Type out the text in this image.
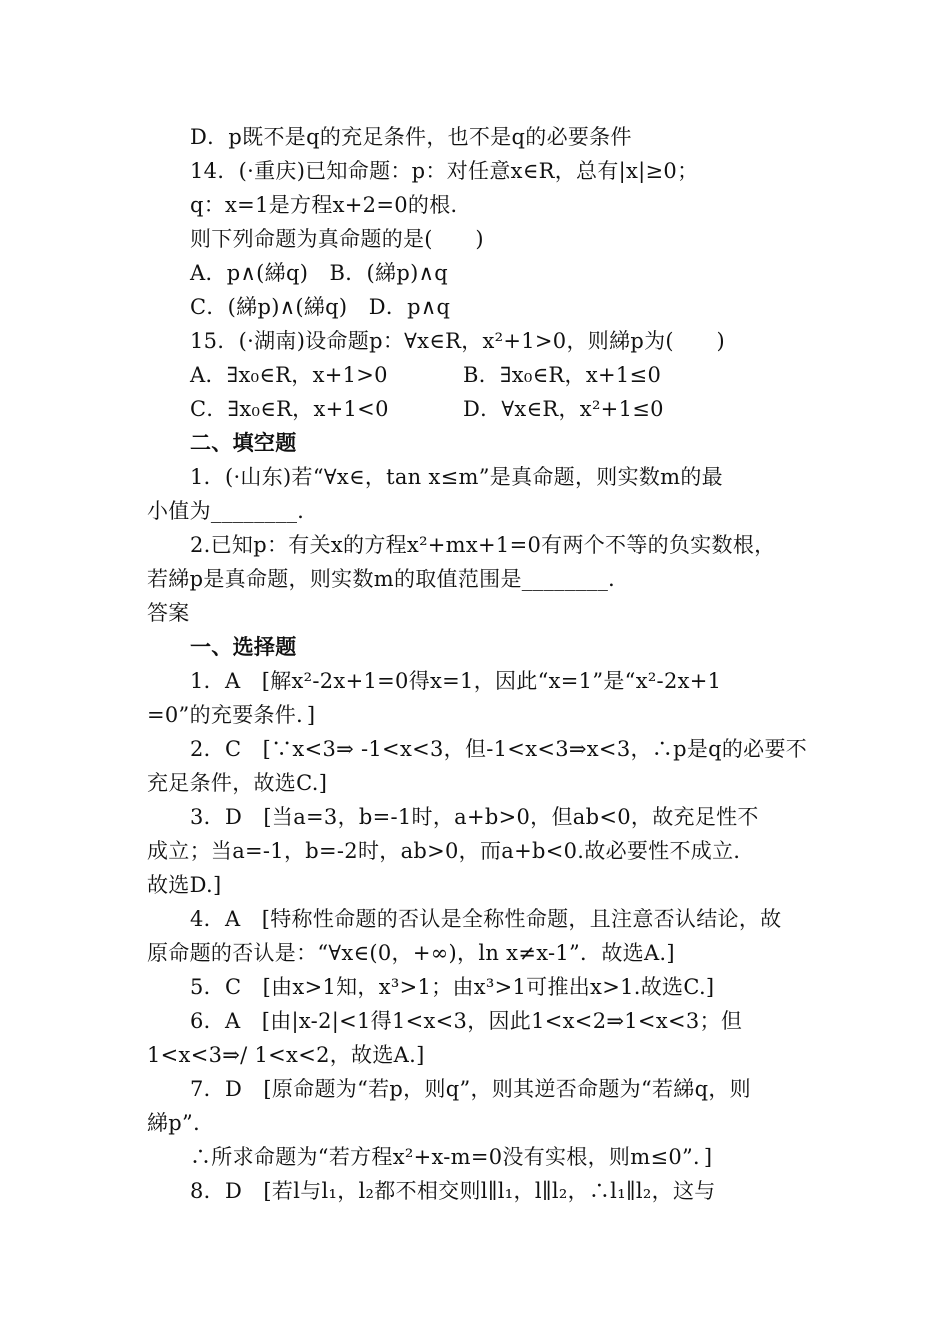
D．p既不是q的充足条件，也不是q的必要条件
14．(·重庆)已知命题：p：对任意x∈R，总有|x|≥0；
q：x=1是方程x+2=0的根．
则下列命题为真命题的是(　　)
A．p∧(綈q)　B．(綈p)∧q
C．(綈p)∧(綈q)　D．p∧q
15．(·湖南)设命题p：∀x∈R，x²+1>0，则綈p为(　　)
A．∃x₀∈R，x+1>0	B．∃x₀∈R，x+1≤0
C．∃x₀∈R，x+1<0	D．∀x∈R，x²+1≤0
二、填空题
1．(·山东)若“∀x∈，tan x≤m”是真命题，则实数m的最
小值为________．
2.已知p：有关x的方程x²+mx+1=0有两个不等的负实数根，
若綈p是真命题，则实数m的取值范围是________．
答案
一、选择题
1．A　[解x²-2x+1=0得x=1，因此“x=1”是“x²-2x+1
=0”的充要条件．]
2．C　[∵x<3⇒ -1<x<3，但-1<x<3⇒x<3，∴p是q的必要不
充足条件，故选C.]
3．D　[当a=3，b=-1时，a+b>0，但ab<0，故充足性不
成立；当a=-1，b=-2时，ab>0，而a+b<0.故必要性不成立．
故选D.]
4．A　[特称性命题的否认是全称性命题，且注意否认结论，故
原命题的否认是：“∀x∈(0，+∞)，ln x≠x-1”．故选A.]
5．C　[由x>1知，x³>1；由x³>1可推出x>1.故选C.]
6．A　[由|x-2|<1得1<x<3，因此1<x<2⇒1<x<3；但
1<x<3⇒/ 1<x<2，故选A.]
7．D　[原命题为“若p，则q”，则其逆否命题为“若綈q，则
綈p”．
∴所求命题为“若方程x²+x-m=0没有实根，则m≤0”．]
8．D　[若l与l₁，l₂都不相交则l∥l₁，l∥l₂，∴l₁∥l₂，这与
